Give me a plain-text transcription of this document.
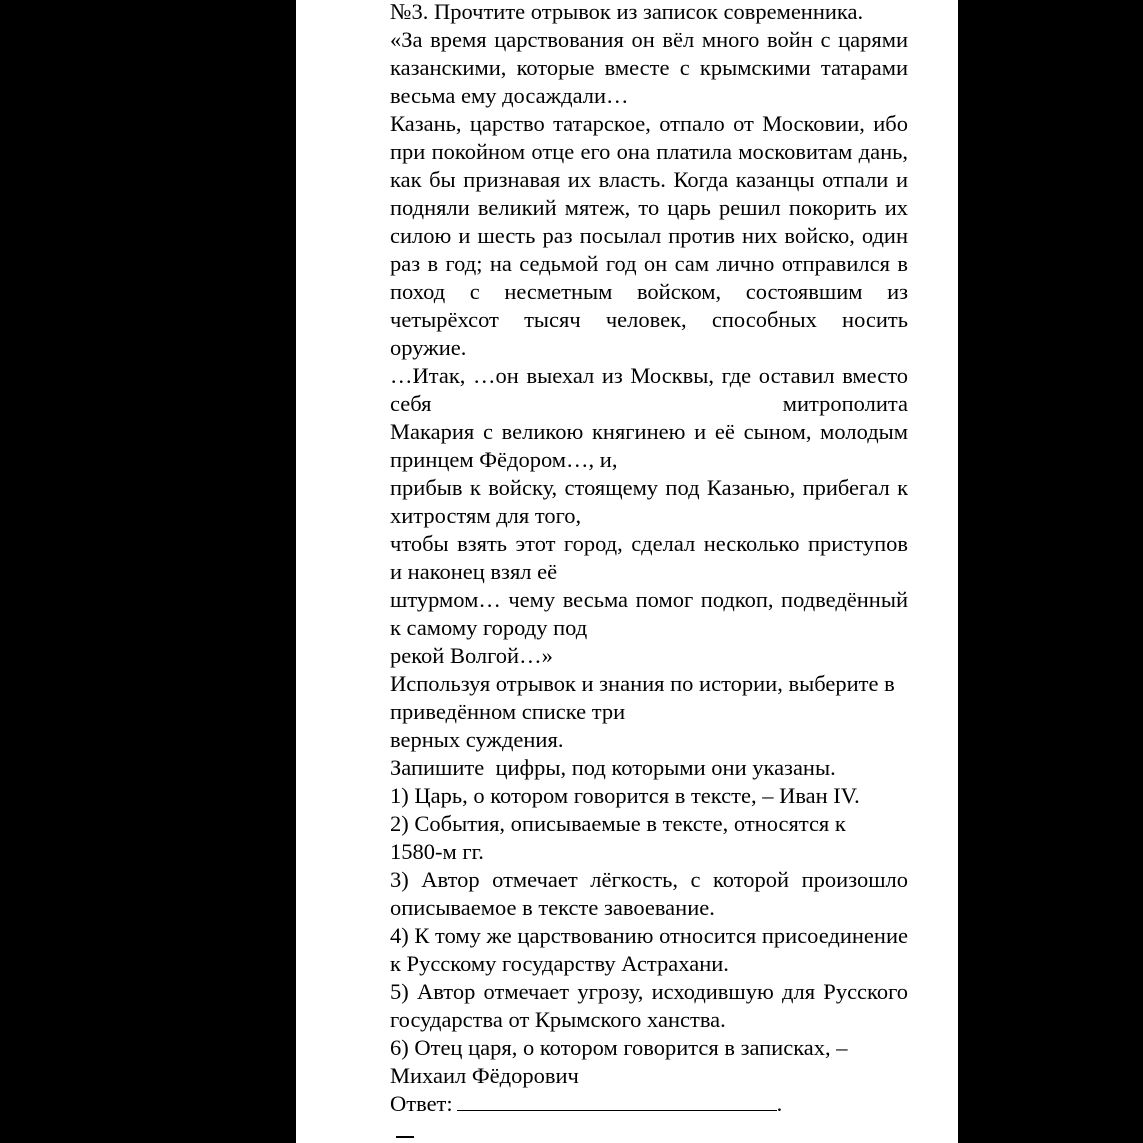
№3. Прочтите отрывок из записок современника.

«За время царствования он вёл много войн с царями казанскими, которые вместе с крымскими татарами весьма ему досаждали…

Казань, царство татарское, отпало от Московии, ибо при покойном отце его она платила московитам дань, как бы признавая их власть. Когда казанцы отпали и подняли великий мятеж, то царь решил покорить их силою и шесть раз посылал против них войско, один раз в год; на седьмой год он сам лично отправился в поход с несметным войском, состоявшим из четырёхсот тысяч человек, способных носить оружие.

…Итак, …он выехал из Москвы, где оставил вместо себя митрополита

Макария с великою княгинею и её сыном, молодым принцем Фёдором…, и,

прибыв к войску, стоящему под Казанью, прибегал к хитростям для того,

чтобы взять этот город, сделал несколько приступов и наконец взял её

штурмом… чему весьма помог подкоп, подведённый к самому городу под

рекой Волгой…»

Используя отрывок и знания по истории, выберите в приведённом списке три

верных суждения.

Запишите  цифры, под которыми они указаны.

1) Царь, о котором говорится в тексте, – Иван IV.

2) События, описываемые в тексте, относятся к 1580-м гг.

3) Автор отмечает лёгкость, с которой произошло описываемое в тексте завоевание.

4) К тому же царствованию относится присоединение к Русскому государству Астрахани.

5) Автор отмечает угрозу, исходившую для Русского государства от Крымского ханства.

6) Отец царя, о котором говорится в записках, – Михаил Фёдорович

Ответ:	.
